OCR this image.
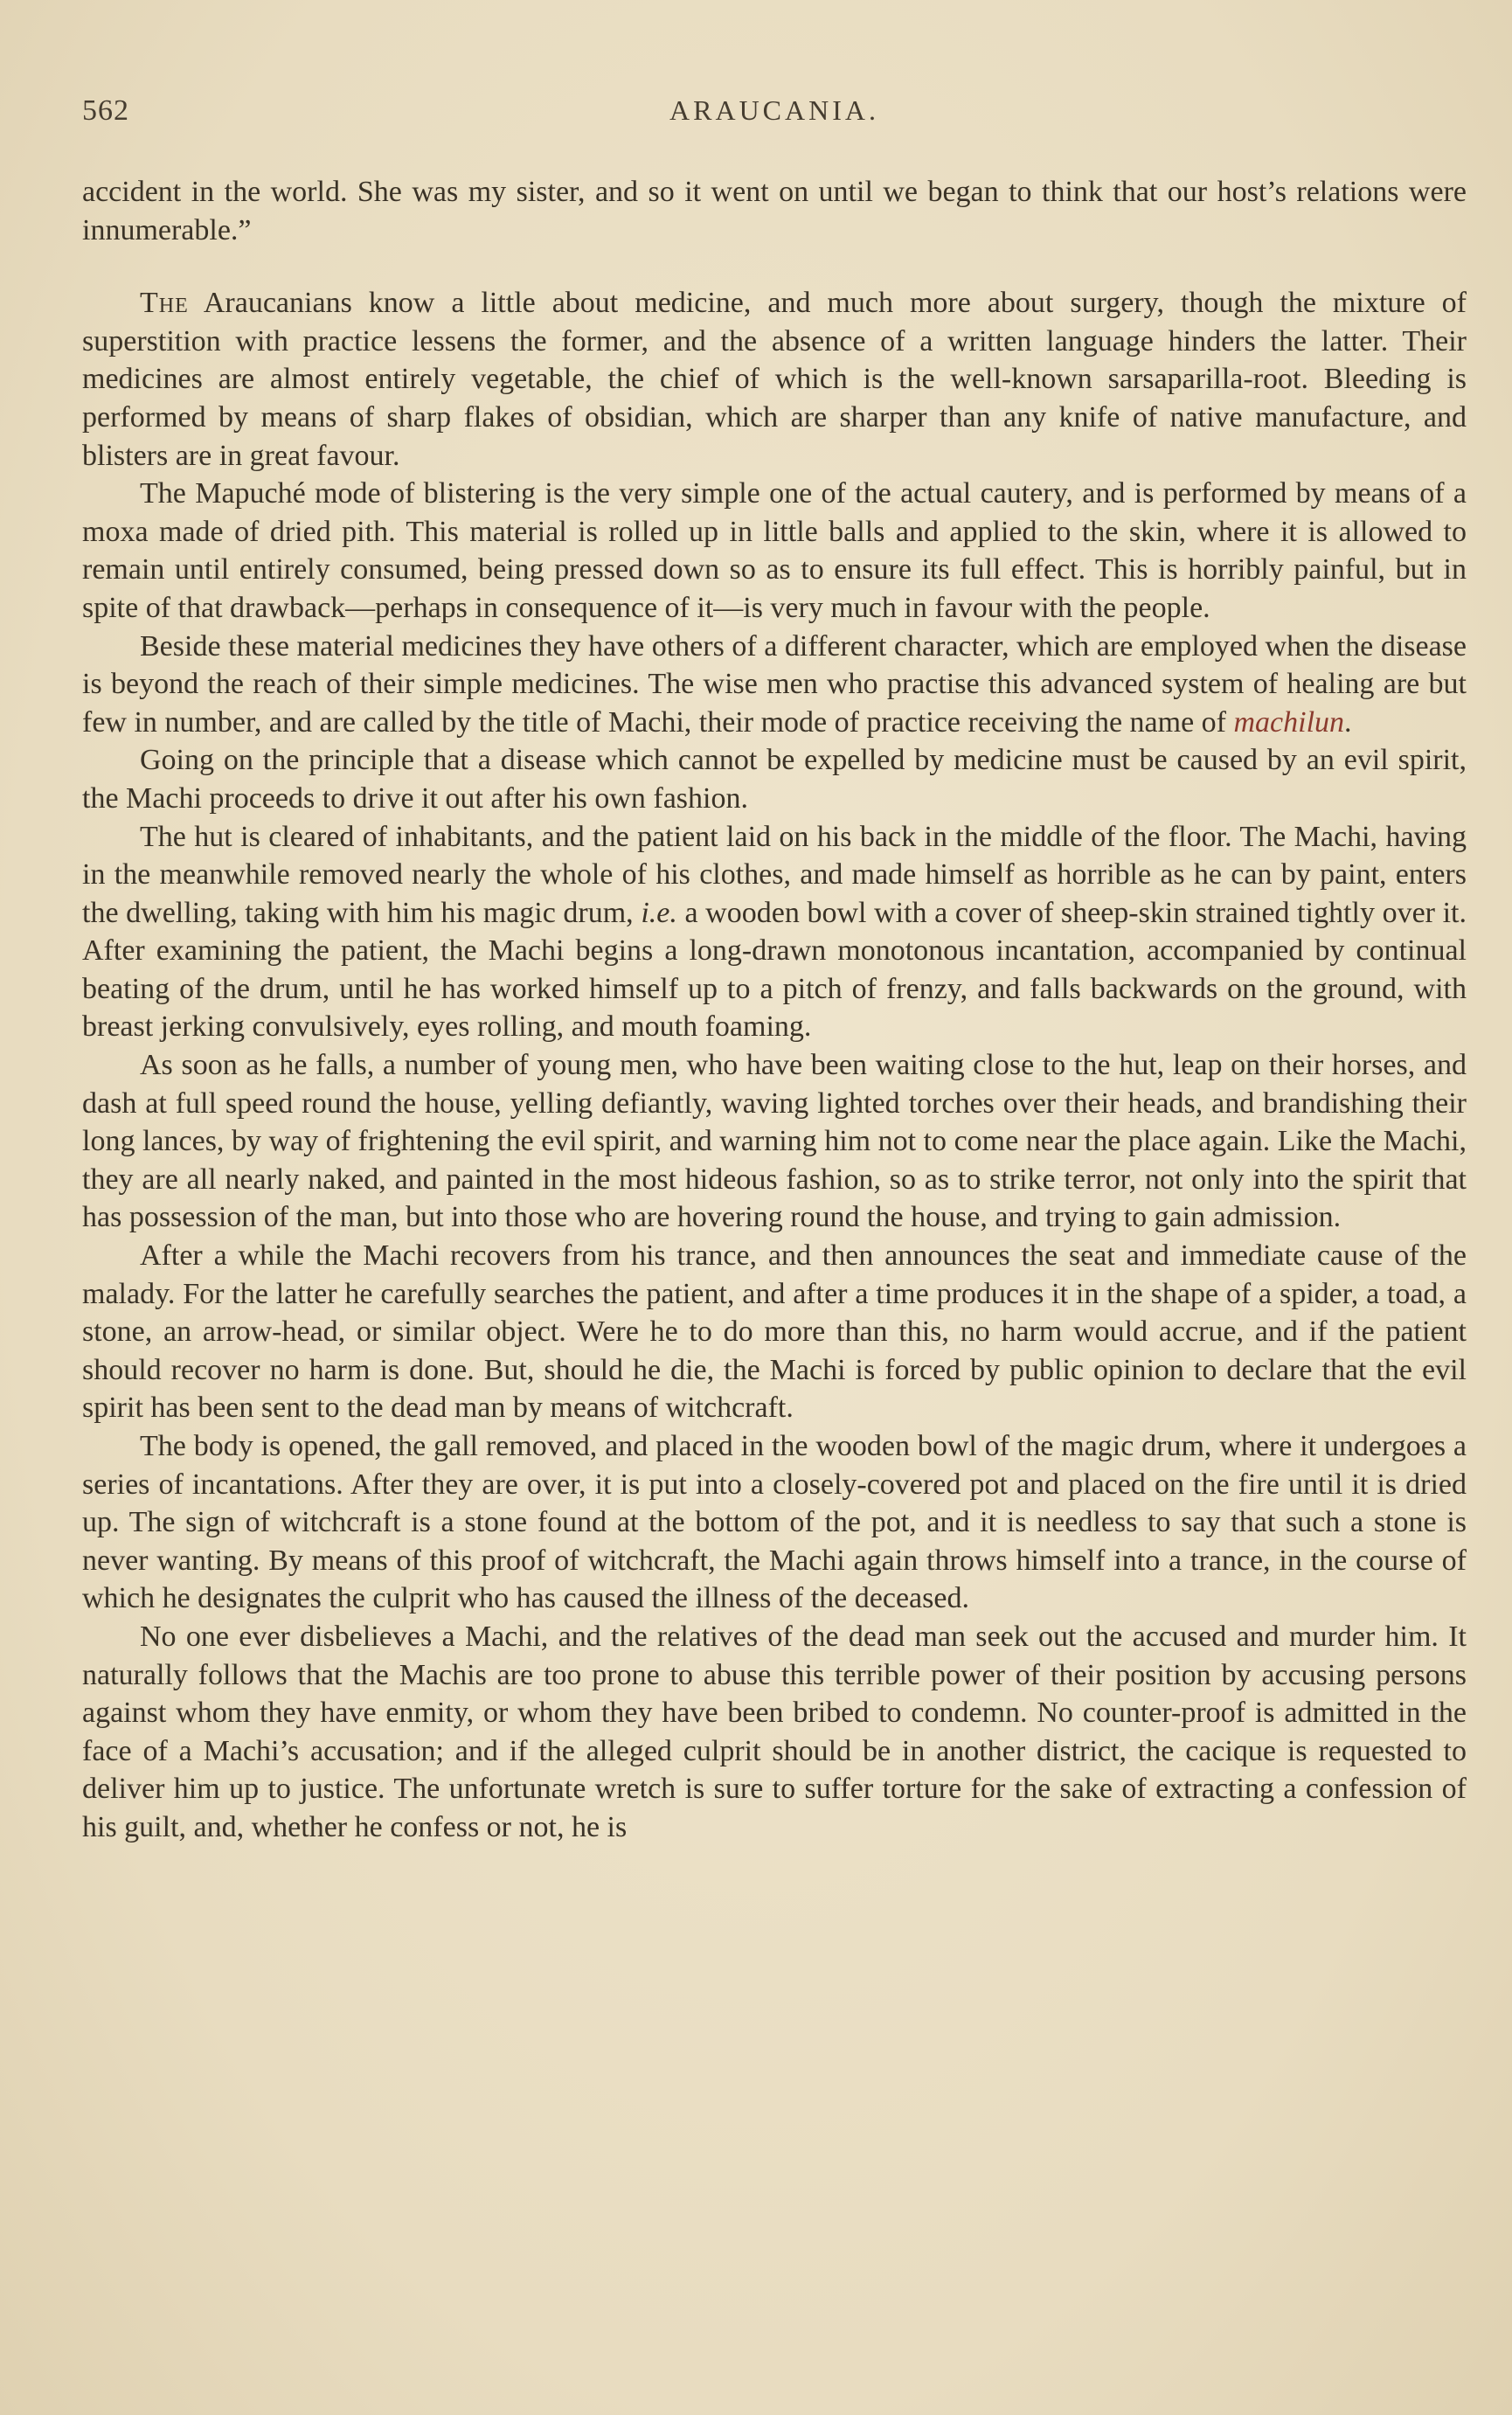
562	ARAUCANIA.

accident in the world. She was my sister, and so it went on until we began to think that our host’s relations were innumerable.”

The Araucanians know a little about medicine, and much more about surgery, though the mixture of superstition with practice lessens the former, and the absence of a written language hinders the latter. Their medicines are almost entirely vegetable, the chief of which is the well-known sarsaparilla-root. Bleeding is performed by means of sharp flakes of obsidian, which are sharper than any knife of native manufacture, and blisters are in great favour.

The Mapuché mode of blistering is the very simple one of the actual cautery, and is performed by means of a moxa made of dried pith. This material is rolled up in little balls and applied to the skin, where it is allowed to remain until entirely consumed, being pressed down so as to ensure its full effect. This is horribly painful, but in spite of that drawback—perhaps in consequence of it—is very much in favour with the people.

Beside these material medicines they have others of a different character, which are employed when the disease is beyond the reach of their simple medicines. The wise men who practise this advanced system of healing are but few in number, and are called by the title of Machi, their mode of practice receiving the name of machilun.

Going on the principle that a disease which cannot be expelled by medicine must be caused by an evil spirit, the Machi proceeds to drive it out after his own fashion.

The hut is cleared of inhabitants, and the patient laid on his back in the middle of the floor. The Machi, having in the meanwhile removed nearly the whole of his clothes, and made himself as horrible as he can by paint, enters the dwelling, taking with him his magic drum, i.e. a wooden bowl with a cover of sheep-skin strained tightly over it. After examining the patient, the Machi begins a long-drawn monotonous incantation, accompanied by continual beating of the drum, until he has worked himself up to a pitch of frenzy, and falls backwards on the ground, with breast jerking convulsively, eyes rolling, and mouth foaming.

As soon as he falls, a number of young men, who have been waiting close to the hut, leap on their horses, and dash at full speed round the house, yelling defiantly, waving lighted torches over their heads, and brandishing their long lances, by way of frightening the evil spirit, and warning him not to come near the place again. Like the Machi, they are all nearly naked, and painted in the most hideous fashion, so as to strike terror, not only into the spirit that has possession of the man, but into those who are hovering round the house, and trying to gain admission.

After a while the Machi recovers from his trance, and then announces the seat and immediate cause of the malady. For the latter he carefully searches the patient, and after a time produces it in the shape of a spider, a toad, a stone, an arrow-head, or similar object. Were he to do more than this, no harm would accrue, and if the patient should recover no harm is done. But, should he die, the Machi is forced by public opinion to declare that the evil spirit has been sent to the dead man by means of witchcraft.

The body is opened, the gall removed, and placed in the wooden bowl of the magic drum, where it undergoes a series of incantations. After they are over, it is put into a closely-covered pot and placed on the fire until it is dried up. The sign of witchcraft is a stone found at the bottom of the pot, and it is needless to say that such a stone is never wanting. By means of this proof of witchcraft, the Machi again throws himself into a trance, in the course of which he designates the culprit who has caused the illness of the deceased.

No one ever disbelieves a Machi, and the relatives of the dead man seek out the accused and murder him. It naturally follows that the Machis are too prone to abuse this terrible power of their position by accusing persons against whom they have enmity, or whom they have been bribed to condemn. No counter-proof is admitted in the face of a Machi’s accusation; and if the alleged culprit should be in another district, the cacique is requested to deliver him up to justice. The unfortunate wretch is sure to suffer torture for the sake of extracting a confession of his guilt, and, whether he confess or not, he is
